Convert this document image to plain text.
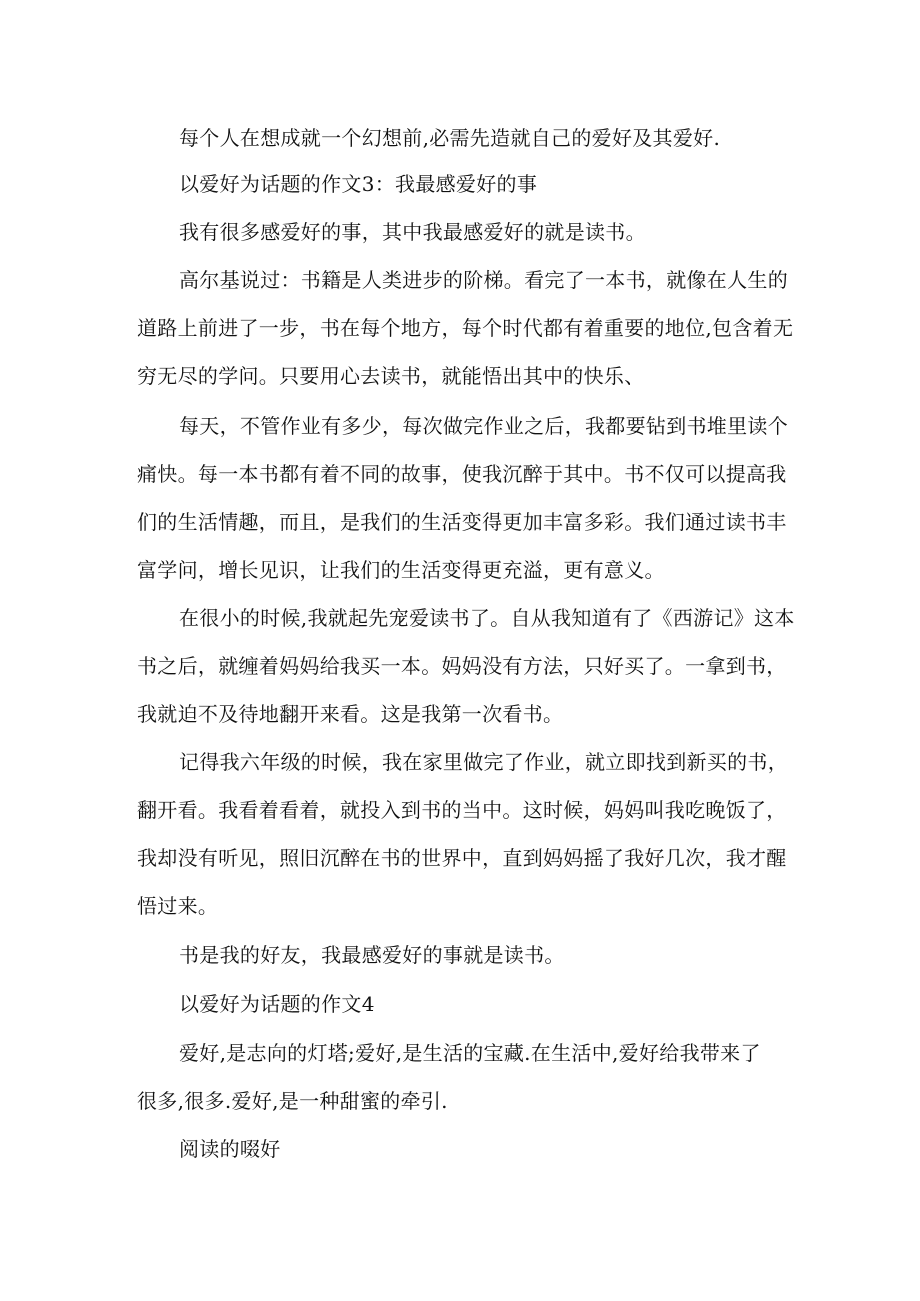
每个人在想成就一个幻想前,必需先造就自己的爱好及其爱好.
以爱好为话题的作文3：我最感爱好的事
我有很多感爱好的事，其中我最感爱好的就是读书。
高尔基说过：书籍是人类进步的阶梯。看完了一本书，就像在人生的
道路上前进了一步，书在每个地方，每个时代都有着重要的地位,包含着无
穷无尽的学问。只要用心去读书，就能悟出其中的快乐、
每天，不管作业有多少，每次做完作业之后，我都要钻到书堆里读个
痛快。每一本书都有着不同的故事，使我沉醉于其中。书不仅可以提高我
们的生活情趣，而且，是我们的生活变得更加丰富多彩。我们通过读书丰
富学问，增长见识，让我们的生活变得更充溢，更有意义。
在很小的时候,我就起先宠爱读书了。自从我知道有了《西游记》这本
书之后，就缠着妈妈给我买一本。妈妈没有方法，只好买了。一拿到书，
我就迫不及待地翻开来看。这是我第一次看书。
记得我六年级的时候，我在家里做完了作业，就立即找到新买的书，
翻开看。我看着看着，就投入到书的当中。这时候，妈妈叫我吃晚饭了，
我却没有听见，照旧沉醉在书的世界中，直到妈妈摇了我好几次，我才醒
悟过来。
书是我的好友，我最感爱好的事就是读书。
以爱好为话题的作文4
爱好,是志向的灯塔;爱好,是生活的宝藏.在生活中,爱好给我带来了
很多,很多.爱好,是一种甜蜜的牵引.
阅读的啜好
